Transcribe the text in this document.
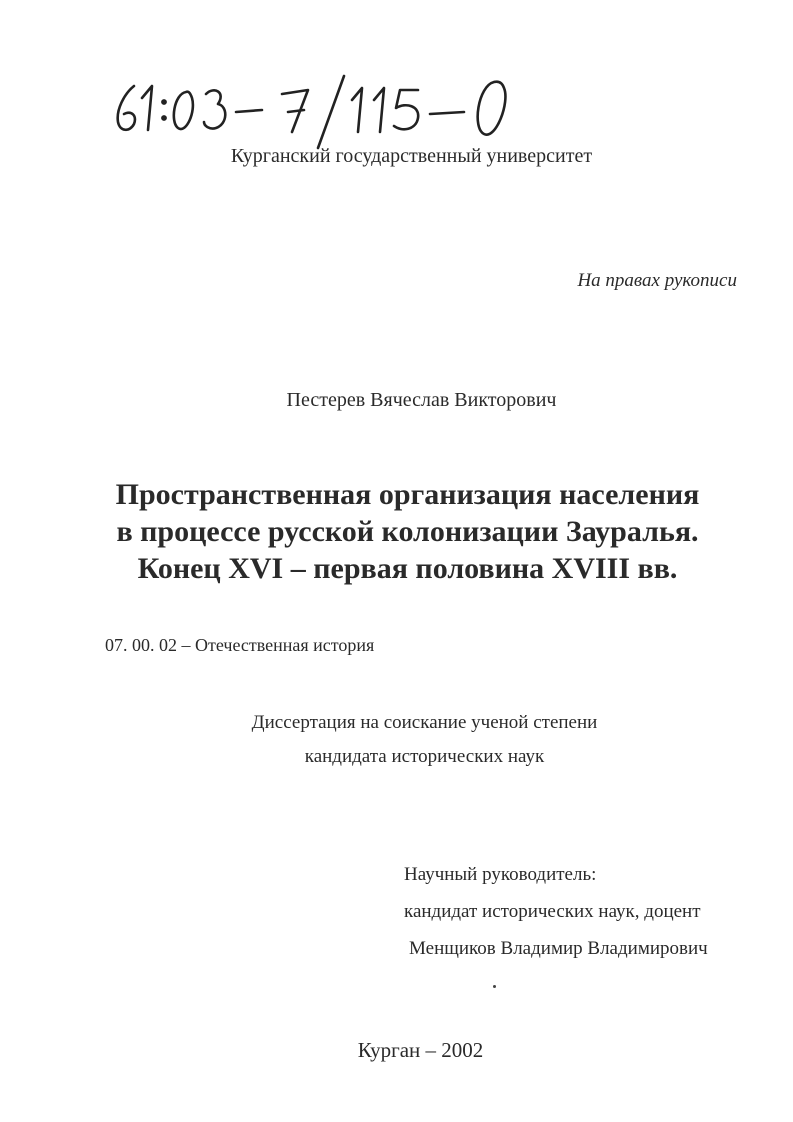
Курганский государственный университет
На правах рукописи
Пестерев Вячеслав Викторович
Пространственная организация населения
в процессе русской колонизации Зауралья.
Конец XVI – первая половина XVIII вв.
07. 00. 02 – Отечественная история
Диссертация на соискание ученой степени
кандидата исторических наук
Научный руководитель:
кандидат исторических наук, доцент
Менщиков Владимир Владимирович
Курган – 2002
